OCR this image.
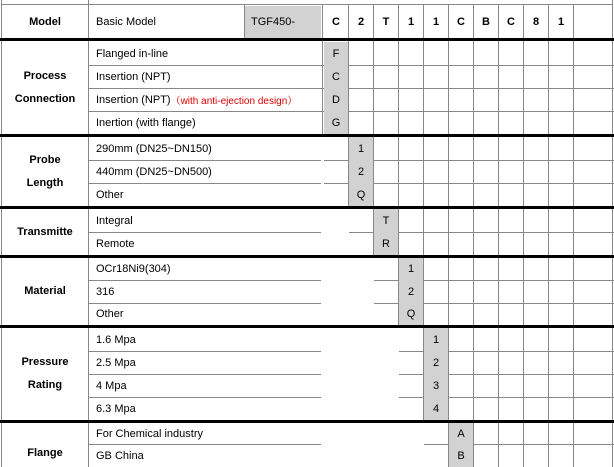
Model	Basic Model	TGF450-	C	2	T	1	1	C	B	C	8	1
Process
Connection
Flanged in-line	F
Insertion (NPT)	C
Insertion (NPT) （with anti-ejection design）	D
Inertion (with flange)	G
Probe
Length
290mm (DN25~DN150)	1
440mm (DN25~DN500)	2
Other	Q
Transmitte
Integral	T
Remote	R
Material
OCr18Ni9(304)	1
316	2
Other	Q
Pressure
Rating
1.6 Mpa	1
2.5 Mpa	2
4 Mpa	3
6.3 Mpa	4
Flange
For Chemical industry	A
GB China	B
